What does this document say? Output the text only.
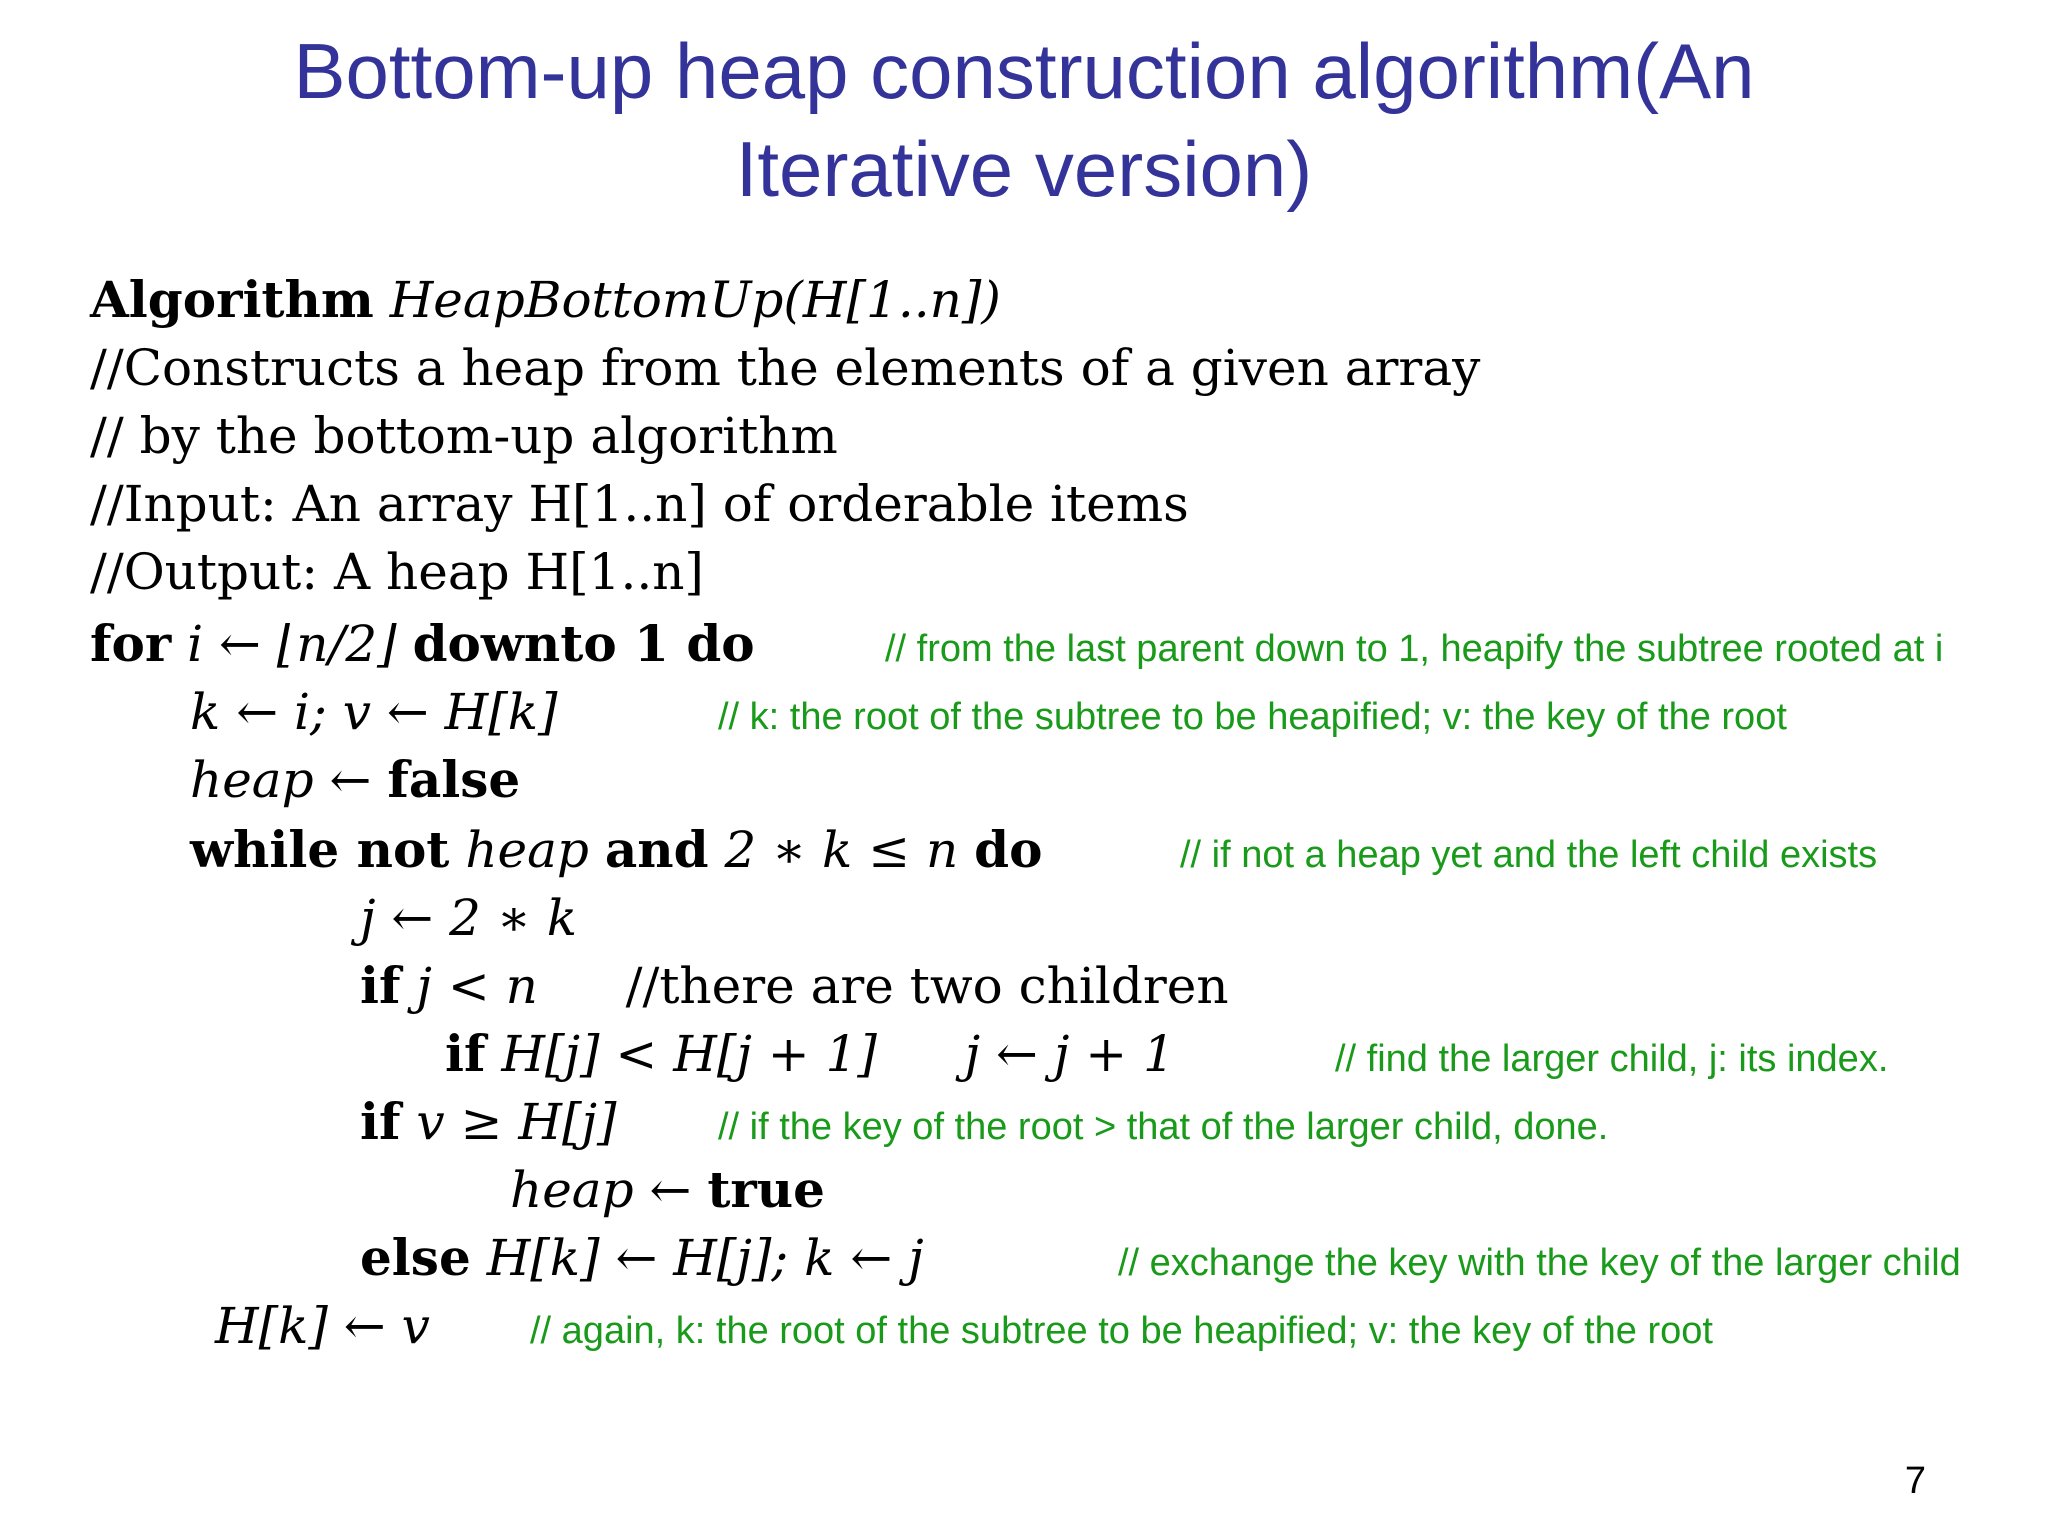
Bottom-up heap construction algorithm(An
Iterative version)
Algorithm HeapBottomUp(H[1..n])
//Constructs a heap from the elements of a given array
// by the bottom-up algorithm
//Input: An array H[1..n] of orderable items
//Output: A heap H[1..n]
for i ← ⌊n/2⌋ downto 1 do	// from the last parent down to 1, heapify the subtree rooted at i
k ← i; v ← H[k]	// k: the root of the subtree to be heapified; v: the key of the root
heap ← false
while not heap and 2 ∗ k ≤ n do	// if not a heap yet and the left child exists
j ← 2 ∗ k
if j < n //there are two children
if H[j] < H[j + 1] j ← j + 1	// find the larger child, j: its index.
if v ≥ H[j]	// if the key of the root > that of the larger child, done.
heap ← true
else H[k] ← H[j]; k ← j	// exchange the key with the key of the larger child
H[k] ← v	// again, k: the root of the subtree to be heapified; v: the key of the root
7
